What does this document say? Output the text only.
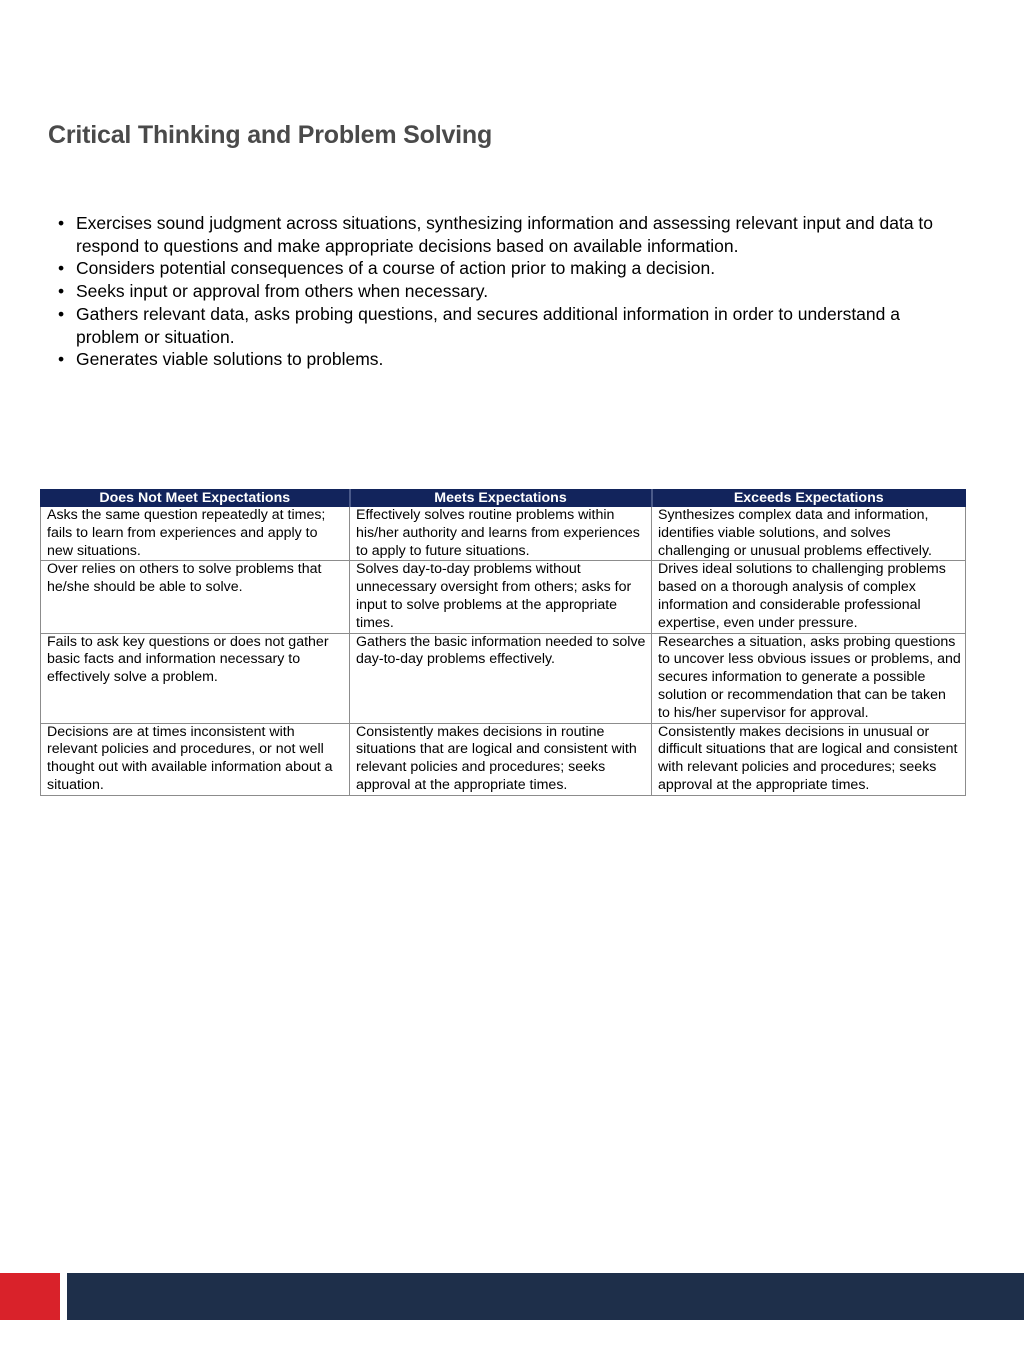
Critical Thinking and Problem Solving
• Exercises sound judgment across situations, synthesizing information and assessing relevant input and data to respond to questions and make appropriate decisions based on available information.
• Considers potential consequences of a course of action prior to making a decision.
• Seeks input or approval from others when necessary.
• Gathers relevant data, asks probing questions, and secures additional information in order to understand a problem or situation.
• Generates viable solutions to problems.
Does Not Meet Expectations	Meets Expectations	Exceeds Expectations
Asks the same question repeatedly at times; fails to learn from experiences and apply to new situations.	Effectively solves routine problems within his/her authority and learns from experiences to apply to future situations.	Synthesizes complex data and information, identifies viable solutions, and solves challenging or unusual problems effectively.
Over relies on others to solve problems that he/she should be able to solve.	Solves day-to-day problems without unnecessary oversight from others; asks for input to solve problems at the appropriate times.	Drives ideal solutions to challenging problems based on a thorough analysis of complex information and considerable professional expertise, even under pressure.
Fails to ask key questions or does not gather basic facts and information necessary to effectively solve a problem.	Gathers the basic information needed to solve day-to-day problems effectively.	Researches a situation, asks probing questions to uncover less obvious issues or problems, and secures information to generate a possible solution or recommendation that can be taken to his/her supervisor for approval.
Decisions are at times inconsistent with relevant policies and procedures, or not well thought out with available information about a situation.	Consistently makes decisions in routine situations that are logical and consistent with relevant policies and procedures; seeks approval at the appropriate times.	Consistently makes decisions in unusual or difficult situations that are logical and consistent with relevant policies and procedures; seeks approval at the appropriate times.
